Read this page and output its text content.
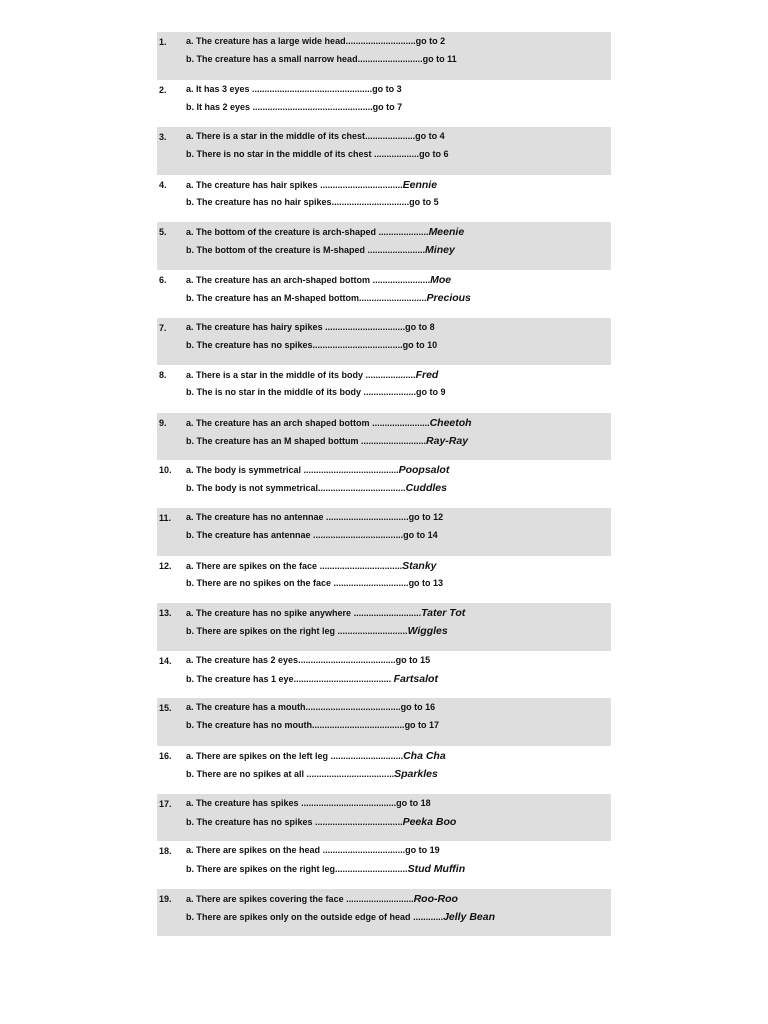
1. a. The creature has a large wide head............................go to 2
b. The creature has a small narrow head..........................go to 11
2. a. It has 3 eyes ................................................go to 3
b. It has 2 eyes ................................................go to 7
3. a. There is a star in the middle of its chest....................go to 4
b. There is no star in the middle of its chest ..................go to 6
4. a. The creature has hair spikes .................................Eennie
b. The creature has no hair spikes...............................go to 5
5. a. The bottom of the creature is arch-shaped ....................Meenie
b. The bottom of the creature is M-shaped .......................Miney
6. a. The creature has an arch-shaped bottom .......................Moe
b. The creature has an M-shaped bottom...........................Precious
7. a. The creature has hairy spikes ................................go to 8
b. The creature has no spikes....................................go to 10
8. a. There is a star in the middle of its body ....................Fred
b. The is no star in the middle of its body .....................go to 9
9. a. The creature has an arch shaped bottom .......................Cheetoh
b. The creature has an M shaped bottum ..........................Ray-Ray
10. a. The body is symmetrical ......................................Poopsalot
b. The body is not symmetrical...................................Cuddles
11. a. The creature has no antennae .................................go to 12
b. The creature has antennae ....................................go to 14
12. a. There are spikes on the face .................................Stanky
b. There are no spikes on the face ..............................go to 13
13. a. The creature has no spike anywhere ...........................Tater Tot
b. There are spikes on the right leg ............................Wiggles
14. a. The creature has 2 eyes.......................................go to 15
b. The creature has 1 eye....................................... Fartsalot
15. a. The creature has a mouth......................................go to 16
b. The creature has no mouth.....................................go to 17
16. a. There are spikes on the left leg .............................Cha Cha
b. There are no spikes at all ...................................Sparkles
17. a. The creature has spikes ......................................go to 18
b. The creature has no spikes ...................................Peeka Boo
18. a. There are spikes on the head .................................go to 19
b. There are spikes on the right leg.............................Stud Muffin
19. a. There are spikes covering the face ...........................Roo-Roo
b. There are spikes only on the outside edge of head ............Jelly Bean
